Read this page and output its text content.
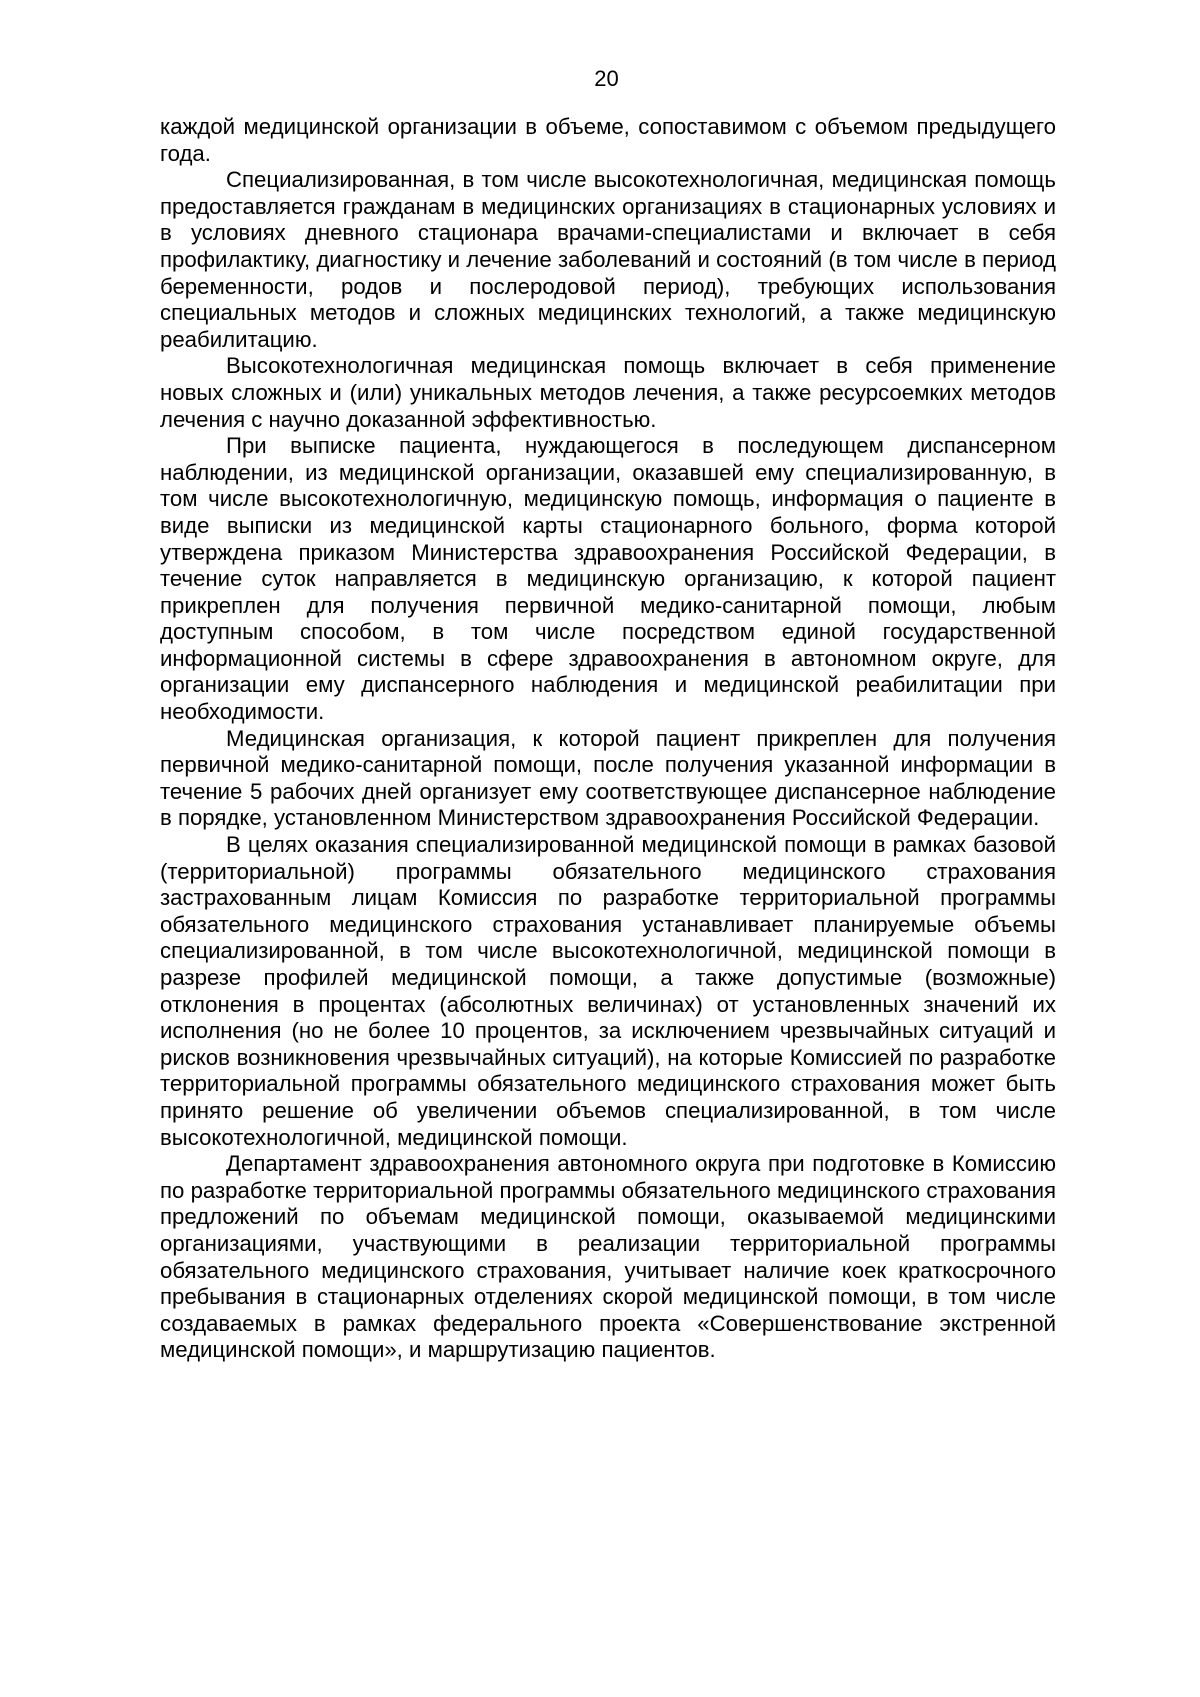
20

каждой медицинской организации в объеме, сопоставимом с объемом предыдущего года.

Специализированная, в том числе высокотехнологичная, медицинская помощь предоставляется гражданам в медицинских организациях в стационарных условиях и в условиях дневного стационара врачами-специалистами и включает в себя профилактику, диагностику и лечение заболеваний и состояний (в том числе в период беременности, родов и послеродовой период), требующих использования специальных методов и сложных медицинских технологий, а также медицинскую реабилитацию.

Высокотехнологичная медицинская помощь включает в себя применение новых сложных и (или) уникальных методов лечения, а также ресурсоемких методов лечения с научно доказанной эффективностью.

При выписке пациента, нуждающегося в последующем диспансерном наблюдении, из медицинской организации, оказавшей ему специализированную, в том числе высокотехнологичную, медицинскую помощь, информация о пациенте в виде выписки из медицинской карты стационарного больного, форма которой утверждена приказом Министерства здравоохранения Российской Федерации, в течение суток направляется в медицинскую организацию, к которой пациент прикреплен для получения первичной медико-санитарной помощи, любым доступным способом, в том числе посредством единой государственной информационной системы в сфере здравоохранения в автономном округе, для организации ему диспансерного наблюдения и медицинской реабилитации при необходимости.

Медицинская организация, к которой пациент прикреплен для получения первичной медико-санитарной помощи, после получения указанной информации в течение 5 рабочих дней организует ему соответствующее диспансерное наблюдение в порядке, установленном Министерством здравоохранения Российской Федерации.

В целях оказания специализированной медицинской помощи в рамках базовой (территориальной) программы обязательного медицинского страхования застрахованным лицам Комиссия по разработке территориальной программы обязательного медицинского страхования устанавливает планируемые объемы специализированной, в том числе высокотехнологичной, медицинской помощи в разрезе профилей медицинской помощи, а также допустимые (возможные) отклонения в процентах (абсолютных величинах) от установленных значений их исполнения (но не более 10 процентов, за исключением чрезвычайных ситуаций и рисков возникновения чрезвычайных ситуаций), на которые Комиссией по разработке территориальной программы обязательного медицинского страхования может быть принято решение об увеличении объемов специализированной, в том числе высокотехнологичной, медицинской помощи.

Департамент здравоохранения автономного округа при подготовке в Комиссию по разработке территориальной программы обязательного медицинского страхования предложений по объемам медицинской помощи, оказываемой медицинскими организациями, участвующими в реализации территориальной программы обязательного медицинского страхования, учитывает наличие коек краткосрочного пребывания в стационарных отделениях скорой медицинской помощи, в том числе создаваемых в рамках федерального проекта «Совершенствование экстренной медицинской помощи», и маршрутизацию пациентов.
